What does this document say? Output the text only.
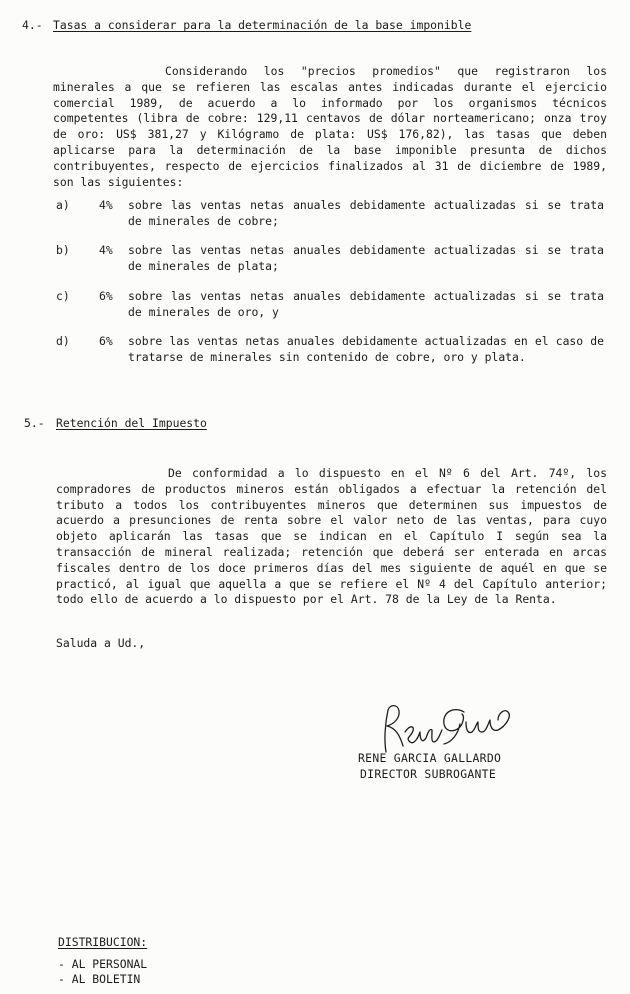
4.- Tasas a considerar para la determinación de la base imponible

Considerando los "precios promedios" que registraron los minerales a que se refieren las escalas antes indicadas durante el ejercicio comercial 1989, de acuerdo a lo informado por los organismos técnicos competentes (libra de cobre: 129,11 centavos de dólar norteamericano; onza troy de oro: US$ 381,27 y Kilógramo de plata: US$ 176,82), las tasas que deben aplicarse para la determinación de la base imponible presunta de dichos contribuyentes, respecto de ejercicios finalizados al 31 de diciembre de 1989, son las siguientes:

a)	4% sobre las ventas netas anuales debidamente actualizadas si se trata de minerales de cobre;
b)	4% sobre las ventas netas anuales debidamente actualizadas si se trata de minerales de plata;
c)	6% sobre las ventas netas anuales debidamente actualizadas si se trata de minerales de oro, y
d)	6% sobre las ventas netas anuales debidamente actualizadas en el caso de tratarse de minerales sin contenido de cobre, oro y plata.
5.- Retención del Impuesto

De conformidad a lo dispuesto en el Nº 6 del Art. 74º, los compradores de productos mineros están obligados a efectuar la retención del tributo a todos los contribuyentes mineros que determinen sus impuestos de acuerdo a presunciones de renta sobre el valor neto de las ventas, para cuyo objeto aplicarán las tasas que se indican en el Capítulo I según sea la transacción de mineral realizada; retención que deberá ser enterada en arcas fiscales dentro de los doce primeros días del mes siguiente de aquél en que se practicó, al igual que aquella a que se refiere el Nº 4 del Capítulo anterior; todo ello de acuerdo a lo dispuesto por el Art. 78 de la Ley de la Renta.

Saluda a Ud.,
RENE GARCIA GALLARDO
DIRECTOR SUBROGANTE
DISTRIBUCION:
- AL PERSONAL
- AL BOLETIN
